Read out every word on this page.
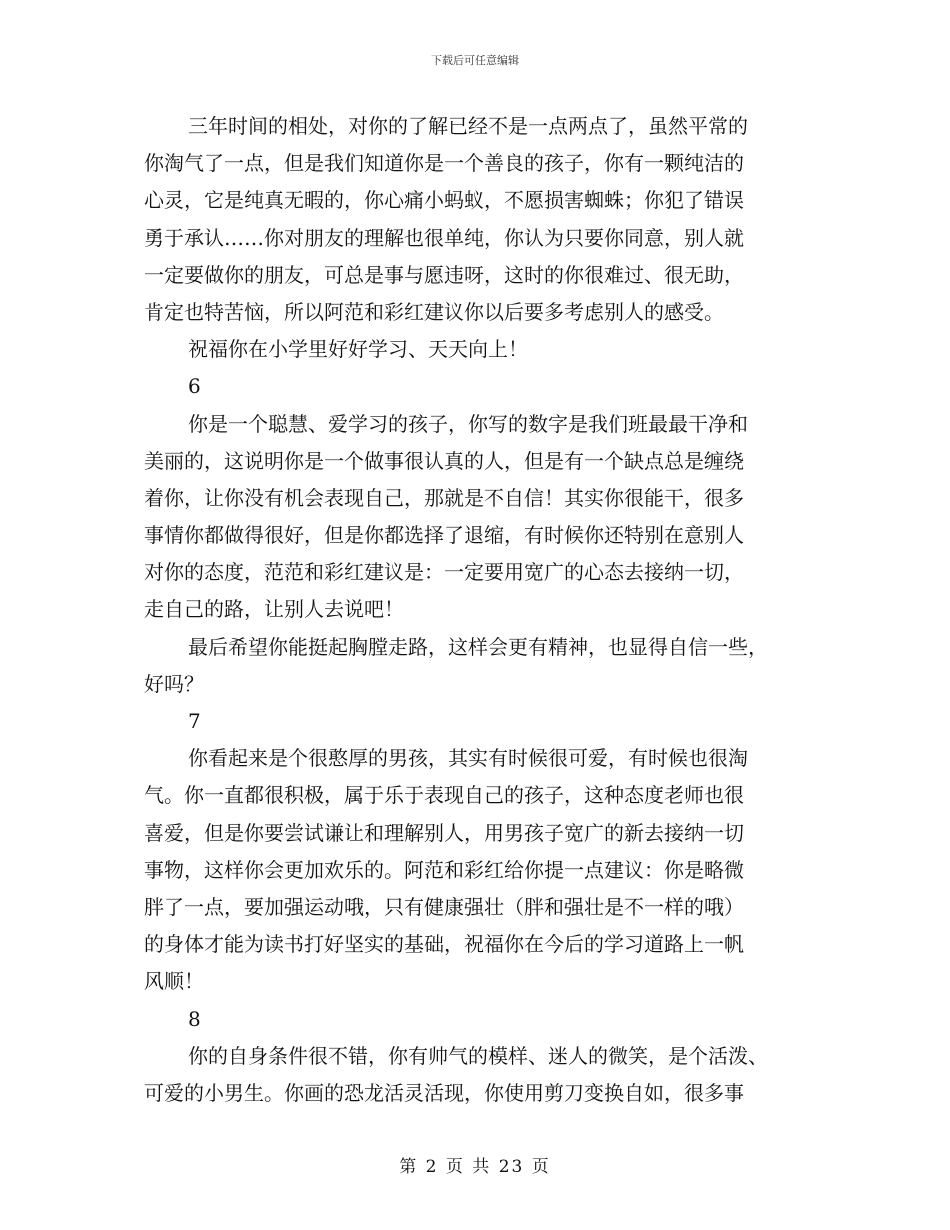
下载后可任意编辑
三年时间的相处，对你的了解已经不是一点两点了，虽然平常的
你淘气了一点，但是我们知道你是一个善良的孩子，你有一颗纯洁的
心灵，它是纯真无暇的，你心痛小蚂蚁，不愿损害蜘蛛；你犯了错误
勇于承认……你对朋友的理解也很单纯，你认为只要你同意，别人就
一定要做你的朋友，可总是事与愿违呀，这时的你很难过、很无助，
肯定也特苦恼，所以阿范和彩红建议你以后要多考虑别人的感受。
祝福你在小学里好好学习、天天向上！
6
你是一个聪慧、爱学习的孩子，你写的数字是我们班最最干净和
美丽的，这说明你是一个做事很认真的人，但是有一个缺点总是缠绕
着你，让你没有机会表现自己，那就是不自信！其实你很能干，很多
事情你都做得很好，但是你都选择了退缩，有时候你还特别在意别人
对你的态度，范范和彩红建议是：一定要用宽广的心态去接纳一切，
走自己的路，让别人去说吧！
最后希望你能挺起胸膛走路，这样会更有精神，也显得自信一些，
好吗？
7
你看起来是个很憨厚的男孩，其实有时候很可爱，有时候也很淘
气。你一直都很积极，属于乐于表现自己的孩子，这种态度老师也很
喜爱，但是你要尝试谦让和理解别人，用男孩子宽广的新去接纳一切
事物，这样你会更加欢乐的。阿范和彩红给你提一点建议：你是略微
胖了一点，要加强运动哦，只有健康强壮（胖和强壮是不一样的哦）
的身体才能为读书打好坚实的基础，祝福你在今后的学习道路上一帆
风顺！
8
你的自身条件很不错，你有帅气的模样、迷人的微笑，是个活泼、
可爱的小男生。你画的恐龙活灵活现，你使用剪刀变换自如，很多事
第 2 页 共 23 页
